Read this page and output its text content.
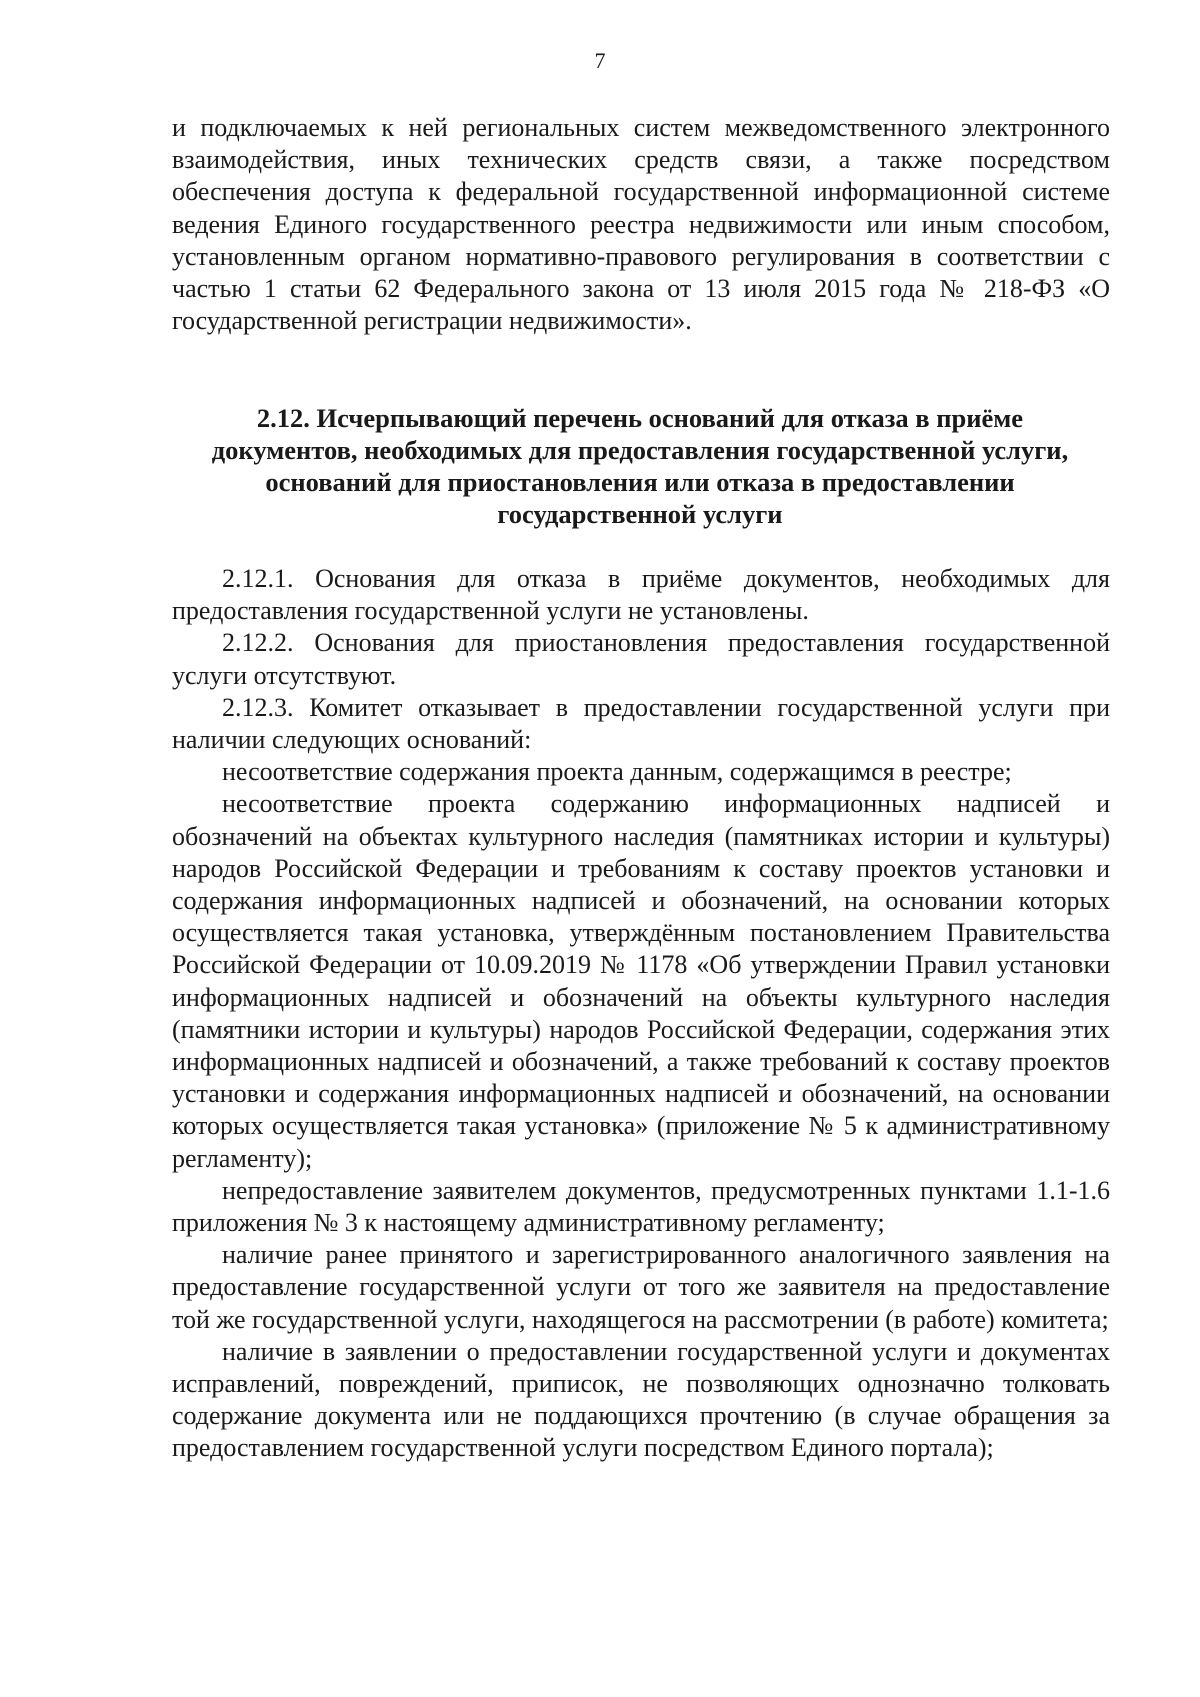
7

и подключаемых к ней региональных систем межведомственного электронного взаимодействия, иных технических средств связи, а также посредством обеспечения доступа к федеральной государственной информационной системе ведения Единого государственного реестра недвижимости или иным способом, установленным органом нормативно-правового регулирования в соответствии с частью 1 статьи 62 Федерального закона от 13 июля 2015 года № 218-ФЗ «О государственной регистрации недвижимости».

2.12. Исчерпывающий перечень оснований для отказа в приёме
документов, необходимых для предоставления государственной услуги,
оснований для приостановления или отказа в предоставлении
государственной услуги

2.12.1. Основания для отказа в приёме документов, необходимых для предоставления государственной услуги не установлены.

2.12.2. Основания для приостановления предоставления государственной услуги отсутствуют.

2.12.3. Комитет отказывает в предоставлении государственной услуги при наличии следующих оснований:

несоответствие содержания проекта данным, содержащимся в реестре;

несоответствие проекта содержанию информационных надписей и обозначений на объектах культурного наследия (памятниках истории и культуры) народов Российской Федерации и требованиям к составу проектов установки и содержания информационных надписей и обозначений, на основании которых осуществляется такая установка, утверждённым постановлением Правительства Российской Федерации от 10.09.2019 № 1178 «Об утверждении Правил установки информационных надписей и обозначений на объекты культурного наследия (памятники истории и культуры) народов Российской Федерации, содержания этих информационных надписей и обозначений, а также требований к составу проектов установки и содержания информационных надписей и обозначений, на основании которых осуществляется такая установка» (приложение № 5 к административному регламенту);

непредоставление заявителем документов, предусмотренных пунктами 1.1-1.6 приложения № 3 к настоящему административному регламенту;

наличие ранее принятого и зарегистрированного аналогичного заявления на предоставление государственной услуги от того же заявителя на предоставление той же государственной услуги, находящегося на рассмотрении (в работе) комитета;

наличие в заявлении о предоставлении государственной услуги и документах исправлений, повреждений, приписок, не позволяющих однозначно толковать содержание документа или не поддающихся прочтению (в случае обращения за предоставлением государственной услуги посредством Единого портала);
